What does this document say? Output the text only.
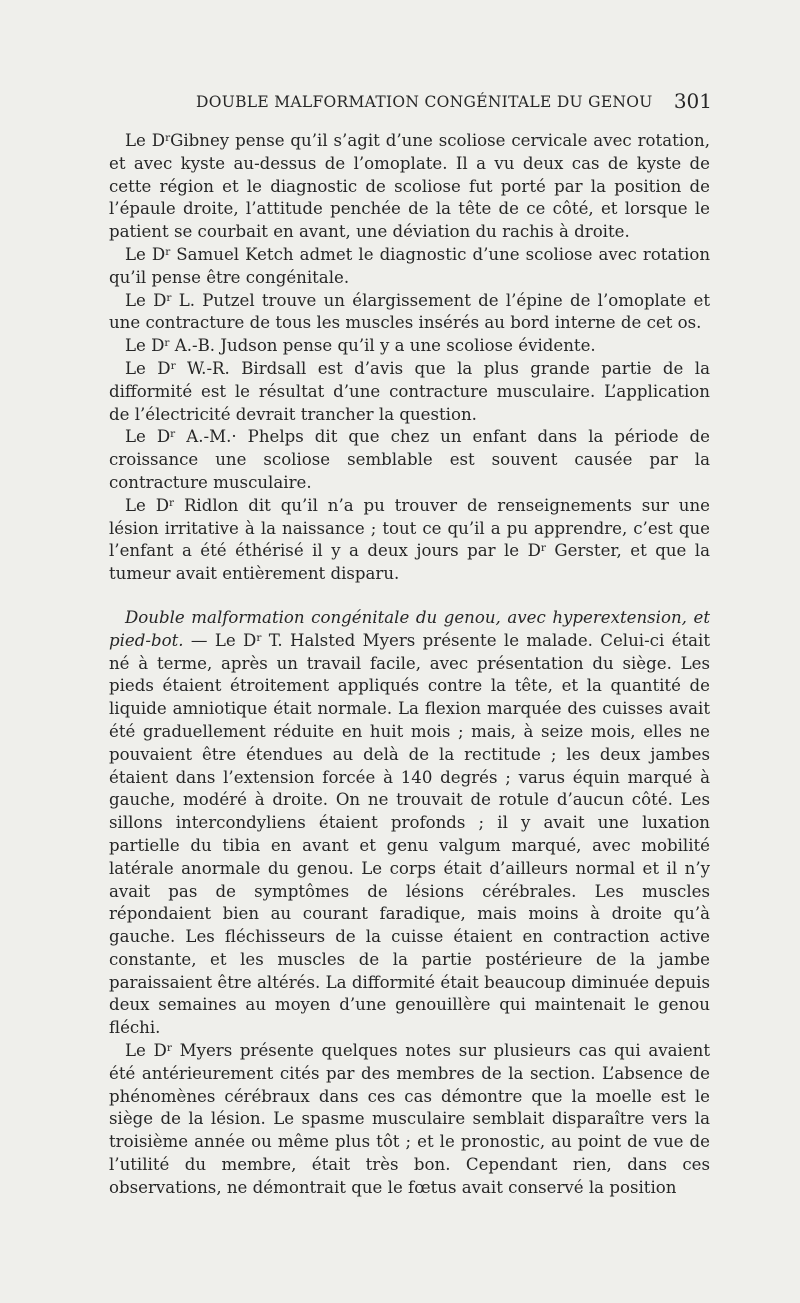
DOUBLE MALFORMATION CONGÉNITALE DU GENOU 301

Le $D^rGibney$ pense qu’il s’agit d’une scoliose cervicale avec rotation, et avec kyste au-dessus de l’omoplate. Il a vu deux cas de kyste de cette région et le diagnostic de scoliose fut porté par la position de l’épaule droite, l’attitude penchée de la tête de ce côté, et lorsque le patient se courbait en avant, une déviation du rachis à droite.

Le $D^r$ Samuel Ketch admet le diagnostic d’une scoliose avec rotation qu’il pense être congénitale.

Le $D^r$ L. Putzel trouve un élargissement de l’épine de l’omoplate et une contracture de tous les muscles insérés au bord interne de cet os.

Le $D^r$ A.-B. Judson pense qu’il y a une scoliose évidente.

Le $D^r$ W.-R. Birdsall est d’avis que la plus grande partie de la difformité est le résultat d’une contracture musculaire. L’application de l’électricité devrait trancher la question.

Le $D^r$ A.-M.· Phelps dit que chez un enfant dans la période de croissance une scoliose semblable est souvent causée par la contracture musculaire.

Le $D^r$ Ridlon dit qu’il n’a pu trouver de renseignements sur une lésion irritative à la naissance ; tout ce qu’il a pu apprendre, c’est que l’enfant a été éthérisé il y a deux jours par le $D^r$ Gerster, et que la tumeur avait entièrement disparu.

Double malformation congénitale du genou, avec hyperextension, et pied-bot. — Le $D^r$ T. Halsted Myers présente le malade. Celui-ci était né à terme, après un travail facile, avec présentation du siège. Les pieds étaient étroitement appliqués contre la tête, et la quantité de liquide amniotique était normale. La flexion marquée des cuisses avait été graduellement réduite en huit mois ; mais, à seize mois, elles ne pouvaient être étendues au delà de la rectitude ; les deux jambes étaient dans l’extension forcée à 140 degrés ; varus équin marqué à gauche, modéré à droite. On ne trouvait de rotule d’aucun côté. Les sillons intercondyliens étaient profonds ; il y avait une luxation partielle du tibia en avant et genu valgum marqué, avec mobilité latérale anormale du genou. Le corps était d’ailleurs normal et il n’y avait pas de symptômes de lésions cérébrales. Les muscles répondaient bien au courant faradique, mais moins à droite qu’à gauche. Les fléchisseurs de la cuisse étaient en contraction active constante, et les muscles de la partie postérieure de la jambe paraissaient être altérés. La difformité était beaucoup diminuée depuis deux semaines au moyen d’une genouillère qui maintenait le genou fléchi.

Le $D^r$ Myers présente quelques notes sur plusieurs cas qui avaient été antérieurement cités par des membres de la section. L’absence de phénomènes cérébraux dans ces cas démontre que la moelle est le siège de la lésion. Le spasme musculaire semblait disparaître vers la troisième année ou même plus tôt ; et le pronostic, au point de vue de l’utilité du membre, était très bon. Cependant rien, dans ces observations, ne démontrait que le fœtus avait conservé la position
